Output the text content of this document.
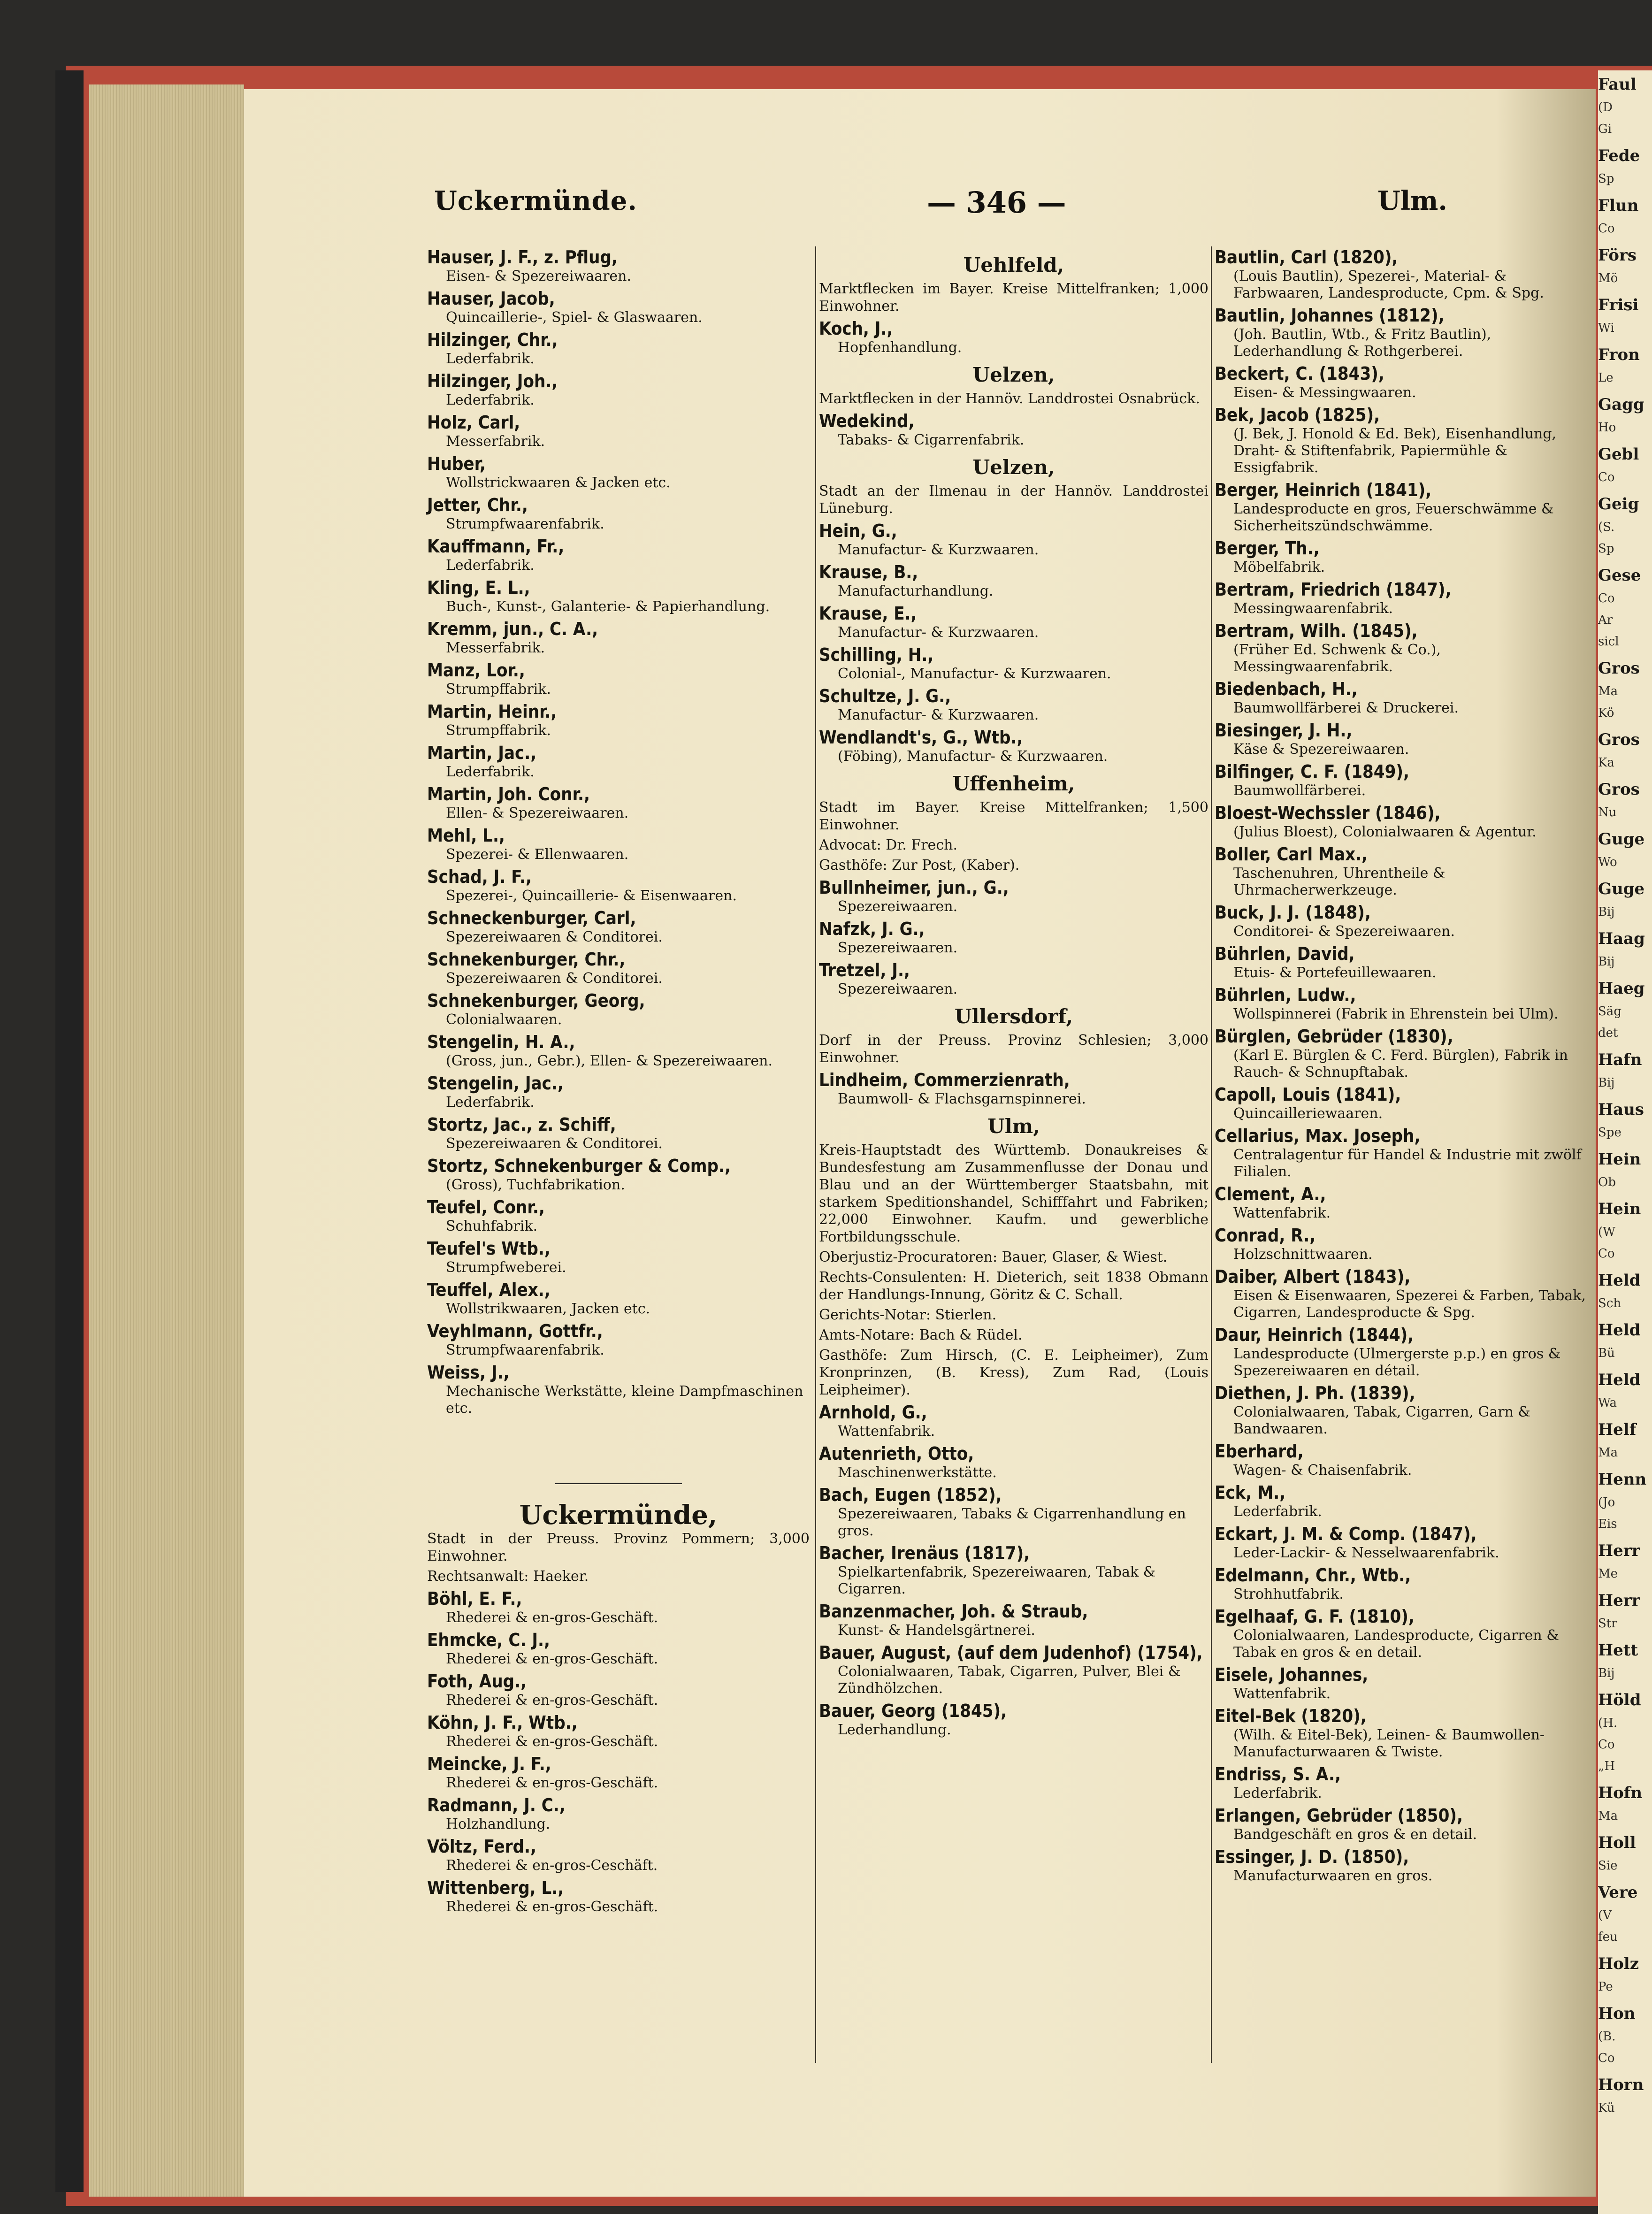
Uckermünde.	— 346 —	Ulm.
Hauser, J. F., z. Pflug,
Eisen- & Spezereiwaaren.
Hauser, Jacob,
Quincaillerie-, Spiel- & Glaswaaren.
Hilzinger, Chr.,
Lederfabrik.
Hilzinger, Joh.,
Lederfabrik.
Holz, Carl,
Messerfabrik.
Huber,
Wollstrickwaaren & Jacken etc.
Jetter, Chr.,
Strumpfwaarenfabrik.
Kauffmann, Fr.,
Lederfabrik.
Kling, E. L.,
Buch-, Kunst-, Galanterie- & Papierhandlung.
Kremm, jun., C. A.,
Messerfabrik.
Manz, Lor.,
Strumpffabrik.
Martin, Heinr.,
Strumpffabrik.
Martin, Jac.,
Lederfabrik.
Martin, Joh. Conr.,
Ellen- & Spezereiwaaren.
Mehl, L.,
Spezerei- & Ellenwaaren.
Schad, J. F.,
Spezerei-, Quincaillerie- & Eisenwaaren.
Schneckenburger, Carl,
Spezereiwaaren & Conditorei.
Schnekenburger, Chr.,
Spezereiwaaren & Conditorei.
Schnekenburger, Georg,
Colonialwaaren.
Stengelin, H. A.,
(Gross, jun., Gebr.), Ellen- & Spezereiwaaren.
Stengelin, Jac.,
Lederfabrik.
Stortz, Jac., z. Schiff,
Spezereiwaaren & Conditorei.
Stortz, Schnekenburger & Comp.,
(Gross), Tuchfabrikation.
Teufel, Conr.,
Schuhfabrik.
Teufel's Wtb.,
Strumpfweberei.
Teuffel, Alex.,
Wollstrikwaaren, Jacken etc.
Veyhlmann, Gottfr.,
Strumpfwaarenfabrik.
Weiss, J.,
Mechanische Werkstätte, kleine Dampfmaschinen etc.
Uckermünde,
Stadt in der Preuss. Provinz Pommern; 3,000 Einwohner.
Rechtsanwalt: Haeker.
Böhl, E. F.,
Rhederei & en-gros-Geschäft.
Ehmcke, C. J.,
Rhederei & en-gros-Geschäft.
Foth, Aug.,
Rhederei & en-gros-Geschäft.
Köhn, J. F., Wtb.,
Rhederei & en-gros-Geschäft.
Meincke, J. F.,
Rhederei & en-gros-Geschäft.
Radmann, J. C.,
Holzhandlung.
Völtz, Ferd.,
Rhederei & en-gros-Ceschäft.
Wittenberg, L.,
Rhederei & en-gros-Geschäft.
Uehlfeld,
Marktflecken im Bayer. Kreise Mittelfranken; 1,000 Einwohner.
Koch, J.,
Hopfenhandlung.
Uelzen,
Marktflecken in der Hannöv. Landdrostei Osnabrück.
Wedekind,
Tabaks- & Cigarrenfabrik.
Uelzen,
Stadt an der Ilmenau in der Hannöv. Landdrostei Lüneburg.
Hein, G.,
Manufactur- & Kurzwaaren.
Krause, B.,
Manufacturhandlung.
Krause, E.,
Manufactur- & Kurzwaaren.
Schilling, H.,
Colonial-, Manufactur- & Kurzwaaren.
Schultze, J. G.,
Manufactur- & Kurzwaaren.
Wendlandt's, G., Wtb.,
(Föbing), Manufactur- & Kurzwaaren.
Uffenheim,
Stadt im Bayer. Kreise Mittelfranken; 1,500 Einwohner.
Advocat: Dr. Frech.
Gasthöfe: Zur Post, (Kaber).
Bullnheimer, jun., G.,
Spezereiwaaren.
Nafzk, J. G.,
Spezereiwaaren.
Tretzel, J.,
Spezereiwaaren.
Ullersdorf,
Dorf in der Preuss. Provinz Schlesien; 3,000 Einwohner.
Lindheim, Commerzienrath,
Baumwoll- & Flachsgarnspinnerei.
Ulm,
Kreis-Hauptstadt des Württemb. Donaukreises & Bundesfestung am Zusammenflusse der Donau und Blau und an der Württemberger Staatsbahn, mit starkem Speditionshandel, Schifffahrt und Fabriken; 22,000 Einwohner. Kaufm. und gewerbliche Fortbildungsschule.
Oberjustiz-Procuratoren: Bauer, Glaser, & Wiest.
Rechts-Consulenten: H. Dieterich, seit 1838 Obmann der Handlungs-Innung, Göritz & C. Schall.
Gerichts-Notar: Stierlen.
Amts-Notare: Bach & Rüdel.
Gasthöfe: Zum Hirsch, (C. E. Leipheimer), Zum Kronprinzen, (B. Kress), Zum Rad, (Louis Leipheimer).
Arnhold, G.,
Wattenfabrik.
Autenrieth, Otto,
Maschinenwerkstätte.
Bach, Eugen (1852),
Spezereiwaaren, Tabaks & Cigarrenhandlung en gros.
Bacher, Irenäus (1817),
Spielkartenfabrik, Spezereiwaaren, Tabak & Cigarren.
Banzenmacher, Joh. & Straub,
Kunst- & Handelsgärtnerei.
Bauer, August, (auf dem Judenhof) (1754),
Colonialwaaren, Tabak, Cigarren, Pulver, Blei & Zündhölzchen.
Bauer, Georg (1845),
Lederhandlung.
Bautlin, Carl (1820),
(Louis Bautlin), Spezerei-, Material- & Farbwaaren, Landesproducte, Cpm. & Spg.
Bautlin, Johannes (1812),
(Joh. Bautlin, Wtb., & Fritz Bautlin), Lederhandlung & Rothgerberei.
Beckert, C. (1843),
Eisen- & Messingwaaren.
Bek, Jacob (1825),
(J. Bek, J. Honold & Ed. Bek), Eisenhandlung, Draht- & Stiftenfabrik, Papiermühle & Essigfabrik.
Berger, Heinrich (1841),
Landesproducte en gros, Feuerschwämme & Sicherheitszündschwämme.
Berger, Th.,
Möbelfabrik.
Bertram, Friedrich (1847),
Messingwaarenfabrik.
Bertram, Wilh. (1845),
(Früher Ed. Schwenk & Co.), Messingwaarenfabrik.
Biedenbach, H.,
Baumwollfärberei & Druckerei.
Biesinger, J. H.,
Käse & Spezereiwaaren.
Bilfinger, C. F. (1849),
Baumwollfärberei.
Bloest-Wechssler (1846),
(Julius Bloest), Colonialwaaren & Agentur.
Boller, Carl Max.,
Taschenuhren, Uhrentheile & Uhrmacherwerkzeuge.
Buck, J. J. (1848),
Conditorei- & Spezereiwaaren.
Bührlen, David,
Etuis- & Portefeuillewaaren.
Bührlen, Ludw.,
Wollspinnerei (Fabrik in Ehrenstein bei Ulm).
Bürglen, Gebrüder (1830),
(Karl E. Bürglen & C. Ferd. Bürglen), Fabrik in Rauch- & Schnupftabak.
Capoll, Louis (1841),
Quincailleriewaaren.
Cellarius, Max. Joseph,
Centralagentur für Handel & Industrie mit zwölf Filialen.
Clement, A.,
Wattenfabrik.
Conrad, R.,
Holzschnittwaaren.
Daiber, Albert (1843),
Eisen & Eisenwaaren, Spezerei & Farben, Tabak, Cigarren, Landesproducte & Spg.
Daur, Heinrich (1844),
Landesproducte (Ulmergerste p.p.) en gros & Spezereiwaaren en détail.
Diethen, J. Ph. (1839),
Colonialwaaren, Tabak, Cigarren, Garn & Bandwaaren.
Eberhard,
Wagen- & Chaisenfabrik.
Eck, M.,
Lederfabrik.
Eckart, J. M. & Comp. (1847),
Leder-Lackir- & Nesselwaarenfabrik.
Edelmann, Chr., Wtb.,
Strohhutfabrik.
Egelhaaf, G. F. (1810),
Colonialwaaren, Landesproducte, Cigarren & Tabak en gros & en detail.
Eisele, Johannes,
Wattenfabrik.
Eitel-Bek (1820),
(Wilh. & Eitel-Bek), Leinen- & Baumwollen-Manufacturwaaren & Twiste.
Endriss, S. A.,
Lederfabrik.
Erlangen, Gebrüder (1850),
Bandgeschäft en gros & en detail.
Essinger, J. D. (1850),
Manufacturwaaren en gros.
Faul
(D
Gi
Fede
Sp
Flun
Co
Förs
Mö
Frisi
Wi
Fron
Le
Gagg
Ho
Gebl
Co
Geig
(S.
Sp
Gese
Co
Ar
sicl
Gros
Ma
Kö
Gros
Ka
Gros
Nu
Guge
Wo
Guge
Bij
Haag
Bij
Haeg
Säg
det
Hafn
Bij
Haus
Spe
Hein
Ob
Hein
(W
Co
Held
Sch
Held
Bü
Held
Wa
Helf
Ma
Henn
(Jo
Eis
Herr
Me
Herr
Str
Hett
Bij
Höld
(H.
Co
„H
Hofn
Ma
Holl
Sie
Vere
(V
feu
Holz
Pe
Hon
(B.
Co
Horn
Kü
